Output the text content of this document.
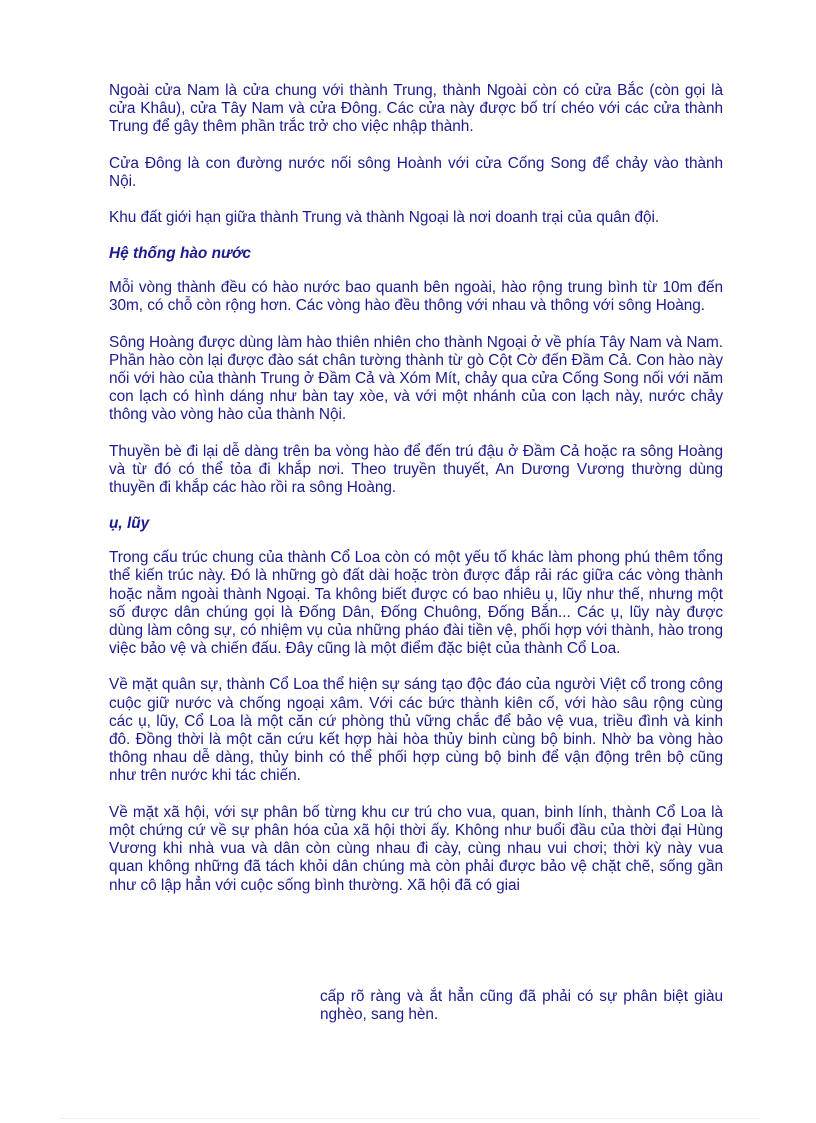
Ngoài cửa Nam là cửa chung với thành Trung, thành Ngoài còn có cửa Bắc (còn gọi là cửa Khâu), cửa Tây Nam và cửa Đông. Các cửa này được bố trí chéo với các cửa thành Trung để gây thêm phần trắc trở cho việc nhập thành.

Cửa Đông là con đường nước nối sông Hoành với cửa Cống Song để chảy vào thành Nội.

Khu đất giới hạn giữa thành Trung và thành Ngoại là nơi doanh trại của quân đội.

Hệ thống hào nước

Mỗi vòng thành đều có hào nước bao quanh bên ngoài, hào rộng trung bình từ 10m đến 30m, có chỗ còn rộng hơn. Các vòng hào đều thông với nhau và thông với sông Hoàng.

Sông Hoàng được dùng làm hào thiên nhiên cho thành Ngoại ở về phía Tây Nam và Nam. Phần hào còn lại được đào sát chân tường thành từ gò Cột Cờ đến Đầm Cả. Con hào này nối với hào của thành Trung ở Đầm Cả và Xóm Mít, chảy qua cửa Cống Song nối với năm con lạch có hình dáng như bàn tay xòe, và với một nhánh của con lạch này, nước chảy thông vào vòng hào của thành Nội.

Thuyền bè đi lại dễ dàng trên ba vòng hào để đến trú đậu ở Đầm Cả hoặc ra sông Hoàng và từ đó có thể tỏa đi khắp nơi. Theo truyền thuyết, An Dương Vương thường dùng thuyền đi khắp các hào rồi ra sông Hoàng.

ụ, lũy

Trong cấu trúc chung của thành Cổ Loa còn có một yếu tố khác làm phong phú thêm tổng thể kiến trúc này. Đó là những gò đất dài hoặc tròn được đắp rải rác giữa các vòng thành hoặc nằm ngoài thành Ngoại. Ta không biết được có bao nhiêu ụ, lũy như thế, nhưng một số được dân chúng gọi là Đống Dân, Đống Chuông, Đống Bắn... Các ụ, lũy này được dùng làm công sự, có nhiệm vụ của những pháo đài tiền vệ, phối hợp với thành, hào trong việc bảo vệ và chiến đấu. Đây cũng là một điểm đặc biệt của thành Cổ Loa.

Về mặt quân sự, thành Cổ Loa thể hiện sự sáng tạo độc đáo của người Việt cổ trong công cuộc giữ nước và chống ngoại xâm. Với các bức thành kiên cố, với hào sâu rộng cùng các ụ, lũy, Cổ Loa là một căn cứ phòng thủ vững chắc để bảo vệ vua, triều đình và kinh đô. Đồng thời là một căn cứu kết hợp hài hòa thủy binh cùng bộ binh. Nhờ ba vòng hào thông nhau dễ dàng, thủy binh có thể phối hợp cùng bộ binh để vận động trên bộ cũng như trên nước khi tác chiến.

Về mặt xã hội, với sự phân bố từng khu cư trú cho vua, quan, binh lính, thành Cổ Loa là một chứng cứ về sự phân hóa của xã hội thời ấy. Không như buổi đầu của thời đại Hùng Vương khi nhà vua và dân còn cùng nhau đi cày, cùng nhau vui chơi; thời kỳ này vua quan không những đã tách khỏi dân chúng mà còn phải được bảo vệ chặt chẽ, sống gần như cô lập hẳn với cuộc sống bình thường. Xã hội đã có giai

cấp rõ ràng và ắt hẳn cũng đã phải có sự phân biệt giàu nghèo, sang hèn.
